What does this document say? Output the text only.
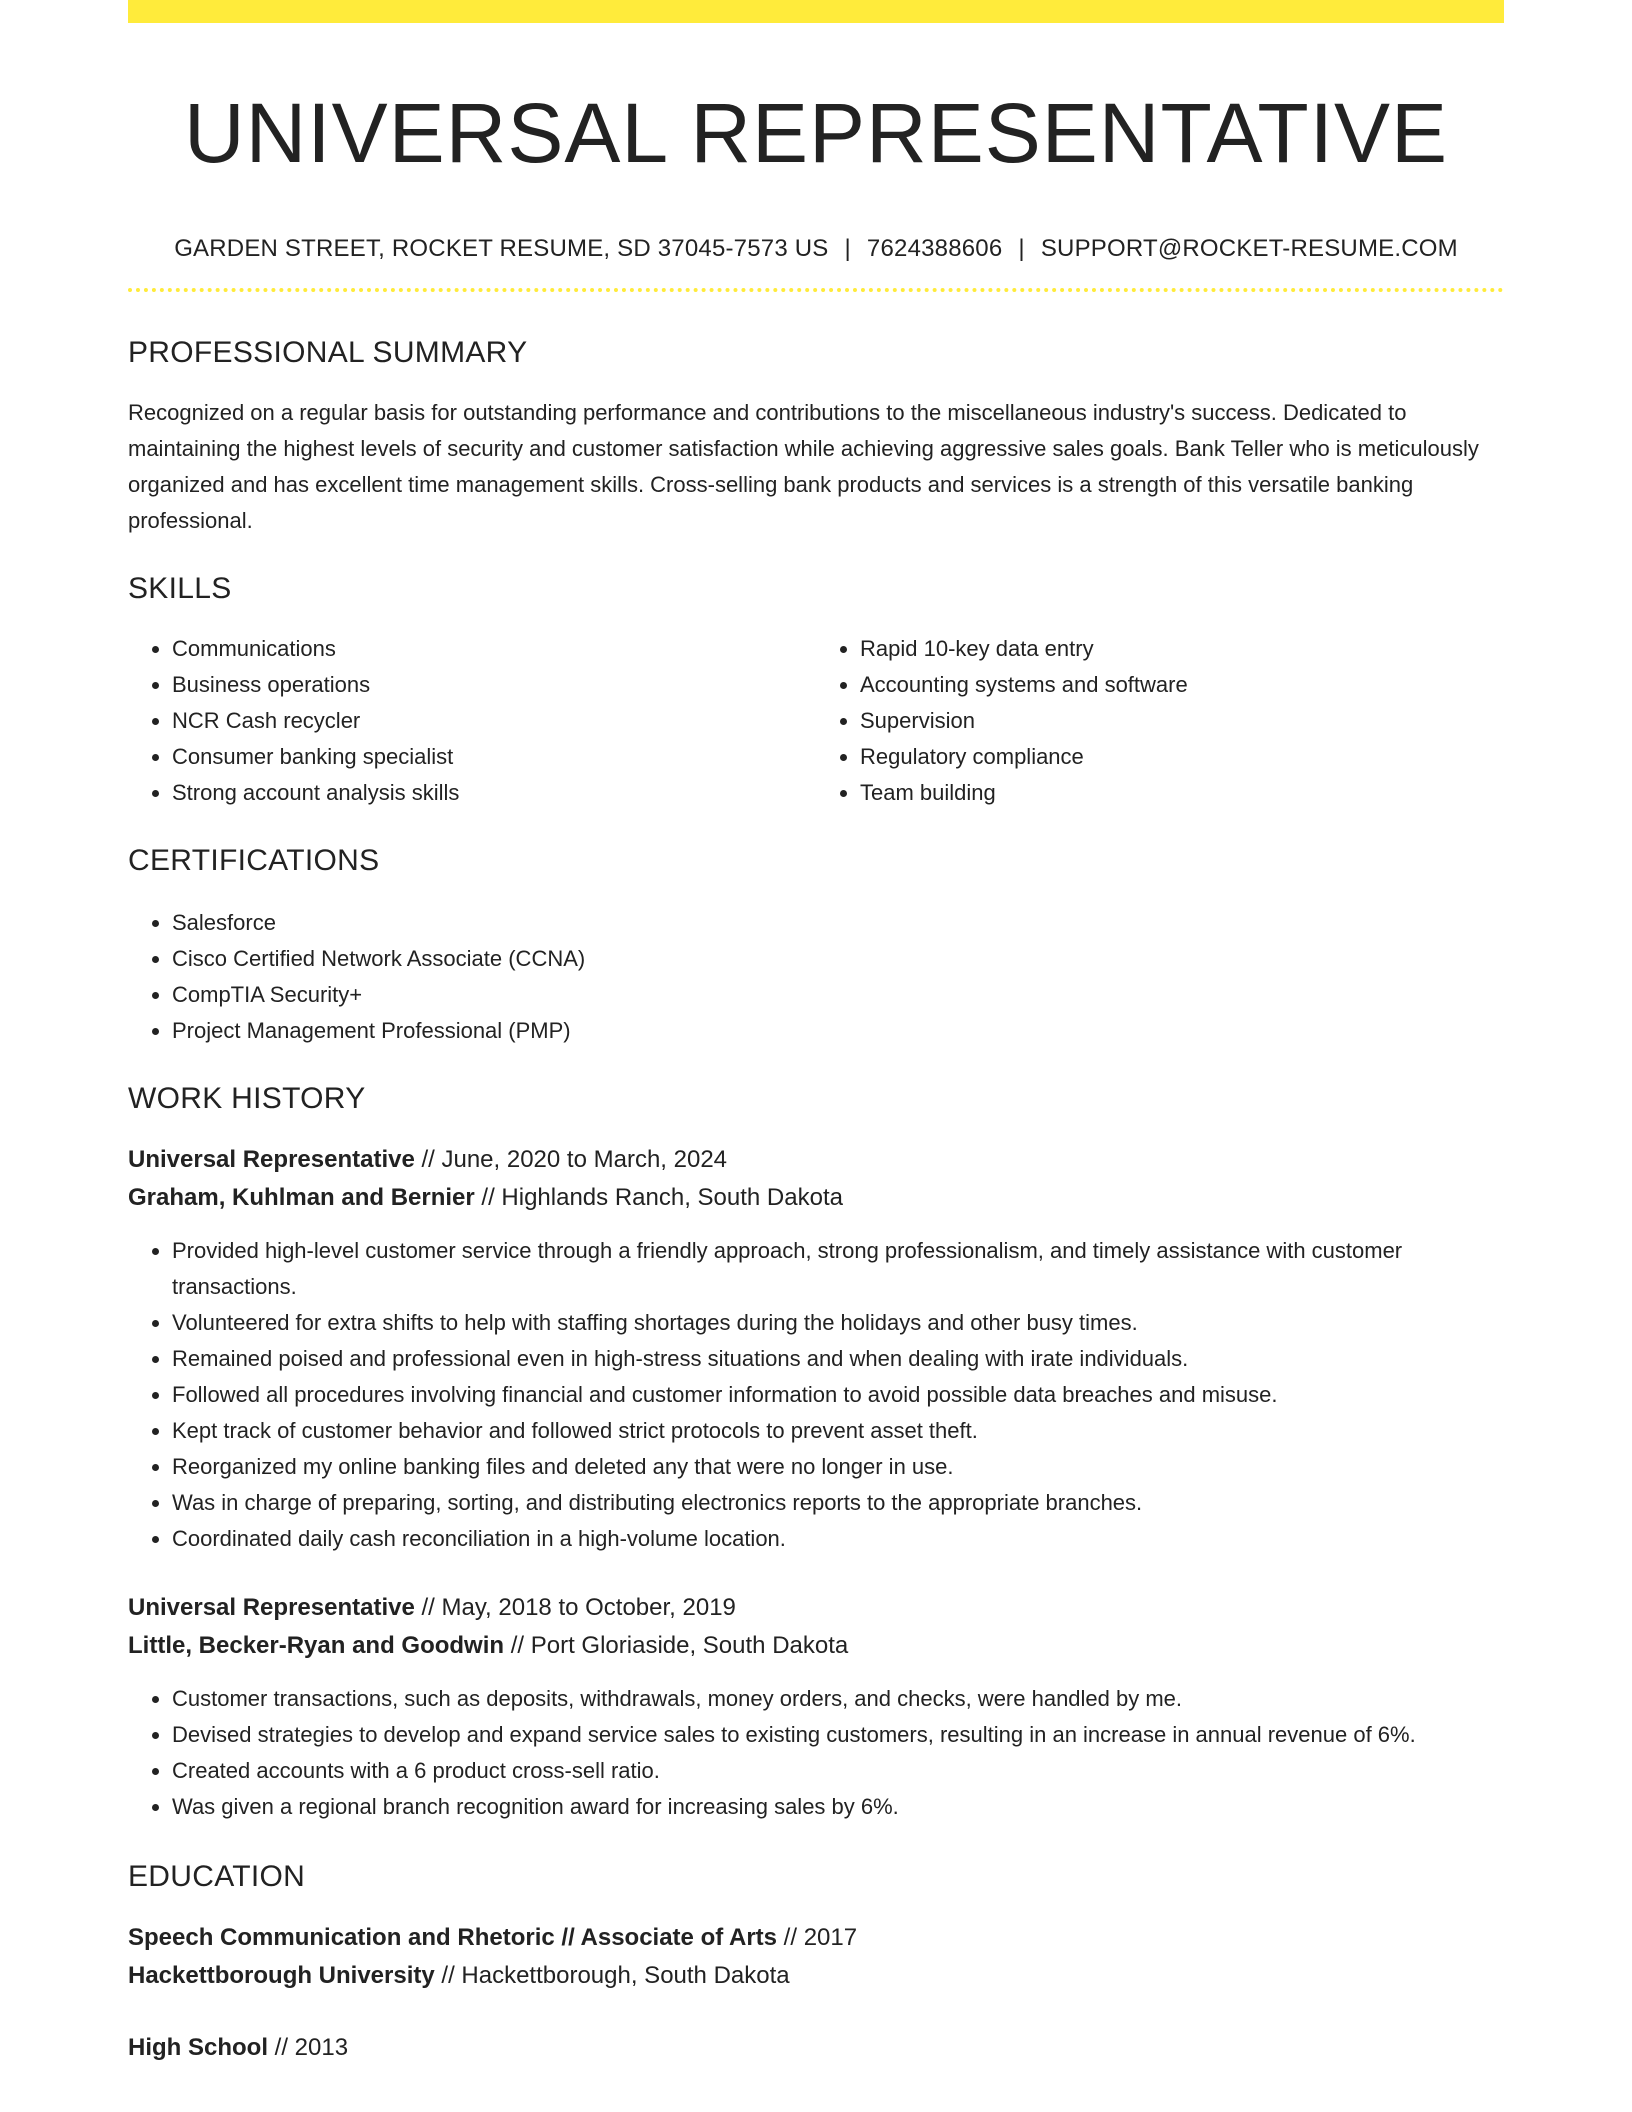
UNIVERSAL REPRESENTATIVE
GARDEN STREET, ROCKET RESUME, SD 37045-7573 US | 7624388606 | SUPPORT@ROCKET-RESUME.COM
PROFESSIONAL SUMMARY

Recognized on a regular basis for outstanding performance and contributions to the miscellaneous industry's success. Dedicated to maintaining the highest levels of security and customer satisfaction while achieving aggressive sales goals. Bank Teller who is meticulously organized and has excellent time management skills. Cross-selling bank products and services is a strength of this versatile banking professional.

SKILLS
• Communications
• Business operations
• NCR Cash recycler
• Consumer banking specialist
• Strong account analysis skills
• Rapid 10-key data entry
• Accounting systems and software
• Supervision
• Regulatory compliance
• Team building
CERTIFICATIONS
• Salesforce
• Cisco Certified Network Associate (CCNA)
• CompTIA Security+
• Project Management Professional (PMP)
WORK HISTORY
Universal Representative // June, 2020 to March, 2024
Graham, Kuhlman and Bernier // Highlands Ranch, South Dakota
• Provided high-level customer service through a friendly approach, strong professionalism, and timely assistance with customer transactions.
• Volunteered for extra shifts to help with staffing shortages during the holidays and other busy times.
• Remained poised and professional even in high-stress situations and when dealing with irate individuals.
• Followed all procedures involving financial and customer information to avoid possible data breaches and misuse.
• Kept track of customer behavior and followed strict protocols to prevent asset theft.
• Reorganized my online banking files and deleted any that were no longer in use.
• Was in charge of preparing, sorting, and distributing electronics reports to the appropriate branches.
• Coordinated daily cash reconciliation in a high-volume location.
Universal Representative // May, 2018 to October, 2019
Little, Becker-Ryan and Goodwin // Port Gloriaside, South Dakota
• Customer transactions, such as deposits, withdrawals, money orders, and checks, were handled by me.
• Devised strategies to develop and expand service sales to existing customers, resulting in an increase in annual revenue of 6%.
• Created accounts with a 6 product cross-sell ratio.
• Was given a regional branch recognition award for increasing sales by 6%.
EDUCATION
Speech Communication and Rhetoric // Associate of Arts // 2017
Hackettborough University // Hackettborough, South Dakota
High School // 2013
